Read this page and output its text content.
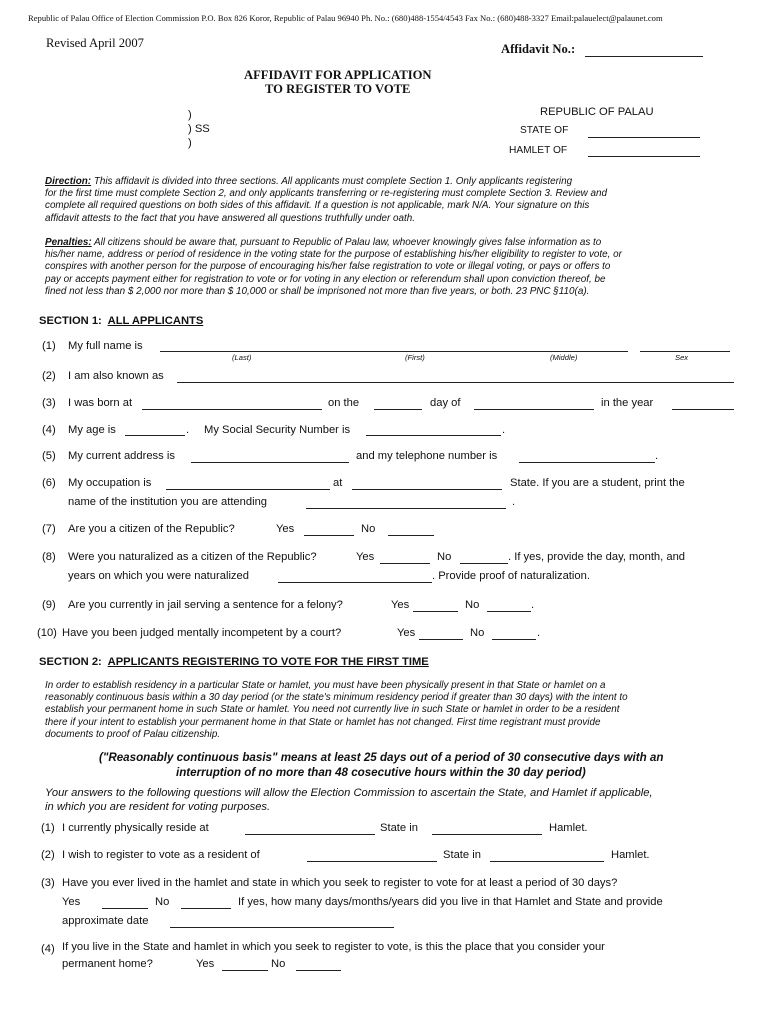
Republic of Palau Office of Election Commission P.O. Box 826 Koror, Republic of Palau 96940 Ph. No.: (680)488-1554/4543 Fax No.: (680)488-3327 Email:palauelect@palaunet.com
Revised April 2007	Affidavit No.:
AFFIDAVIT FOR APPLICATION
TO REGISTER TO VOTE
)
) SS
)
REPUBLIC OF PALAU
STATE OF
HAMLET OF
Direction: This affidavit is divided into three sections. All applicants must complete Section 1. Only applicants registering
for the first time must complete Section 2, and only applicants transferring or re-registering must complete Section 3. Review and
complete all required questions on both sides of this affidavit. If a question is not applicable, mark N/A. Your signature on this
affidavit attests to the fact that you have answered all questions truthfully under oath.
Penalties: All citizens should be aware that, pursuant to Republic of Palau law, whoever knowingly gives false information as to
his/her name, address or period of residence in the voting state for the purpose of establishing his/her eligibility to register to vote, or
conspires with another person for the purpose of encouraging his/her false registration to vote or illegal voting, or pays or offers to
pay or accepts payment either for registration to vote or for voting in any election or referendum shall upon conviction thereof, be
fined not less than $ 2,000 nor more than $ 10,000 or shall be imprisoned not more than five years, or both. 23 PNC §110(a).
SECTION 1: ALL APPLICANTS
(1) My full name is
(Last)	(First)	(Middle)	Sex
(2) I am also known as
(3) I was born at	on the	day of	in the year
(4) My age is	. My Social Security Number is	.
(5) My current address is	and my telephone number is	.
(6) My occupation is	at	State. If you are a student, print the
name of the institution you are attending	.
(7) Are you a citizen of the Republic?	Yes	No
(8) Were you naturalized as a citizen of the Republic?	Yes	No	. If yes, provide the day, month, and
years on which you were naturalized	. Provide proof of naturalization.
(9) Are you currently in jail serving a sentence for a felony?	Yes	No	.
(10) Have you been judged mentally incompetent by a court?	Yes	No	.
SECTION 2: APPLICANTS REGISTERING TO VOTE FOR THE FIRST TIME
In order to establish residency in a particular State or hamlet, you must have been physically present in that State or hamlet on a
reasonably continuous basis within a 30 day period (or the state's minimum residency period if greater than 30 days) with the intent to
establish your permanent home in such State or hamlet. You need not currently live in such State or hamlet in order to be a resident
there if your intent to establish your permanent home in that State or hamlet has not changed. First time registrant must provide
documents to proof of Palau citizenship.
("Reasonably continuous basis" means at least 25 days out of a period of 30 consecutive days with an
interruption of no more than 48 cosecutive hours within the 30 day period)
Your answers to the following questions will allow the Election Commission to ascertain the State, and Hamlet if applicable,
in which you are resident for voting purposes.
(1) I currently physically reside at	State in	Hamlet.
(2) I wish to register to vote as a resident of	State in	Hamlet.
(3) Have you ever lived in the hamlet and state in which you seek to register to vote for at least a period of 30 days?
Yes	No	If yes, how many days/months/years did you live in that Hamlet and State and provide
approximate date
(4) If you live in the State and hamlet in which you seek to register to vote, is this the place that you consider your
permanent home?	Yes	No
